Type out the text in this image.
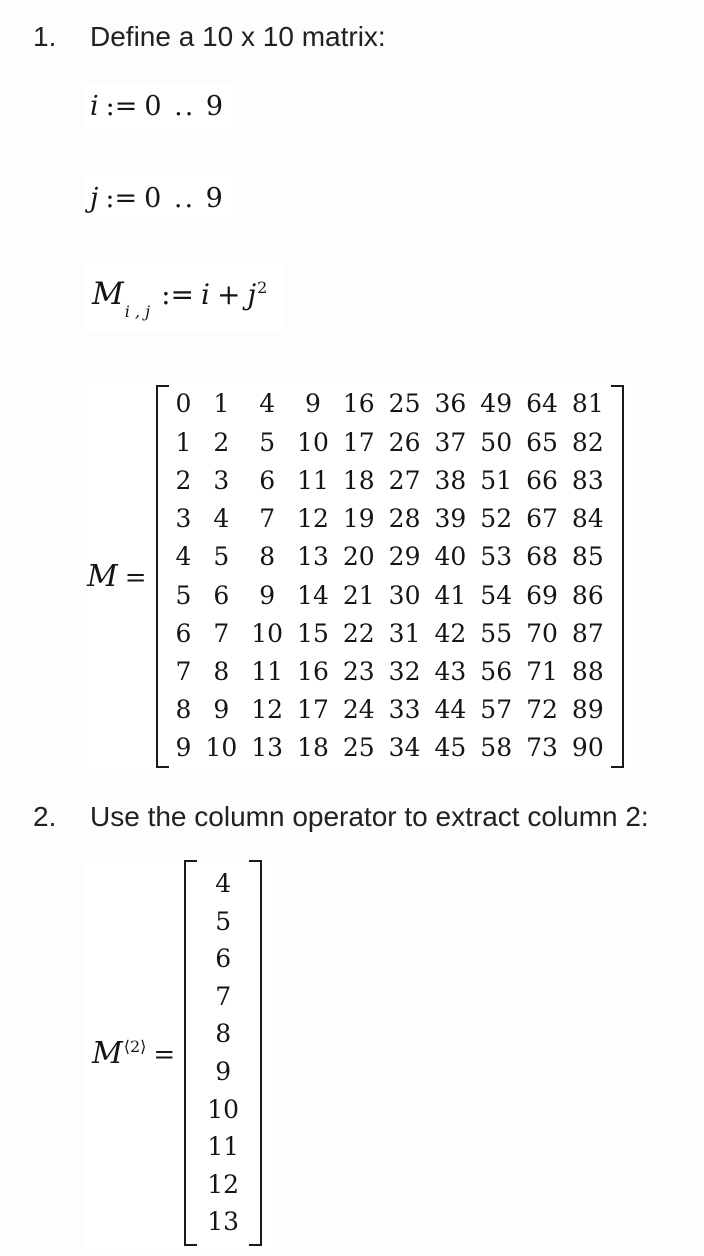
1.	Define a 10 x 10 matrix:
i := 0 .. 9
j := 0 .. 9
Mi , j:= i + j2
M =
0	1	4	9	16	25	36	49	64	81
1	2	5	10	17	26	37	50	65	82
2	3	6	11	18	27	38	51	66	83
3	4	7	12	19	28	39	52	67	84
4	5	8	13	20	29	40	53	68	85
5	6	9	14	21	30	41	54	69	86
6	7	10	15	22	31	42	55	70	87
7	8	11	16	23	32	43	56	71	88
8	9	12	17	24	33	44	57	72	89
9	10	13	18	25	34	45	58	73	90
2.	Use the column operator to extract column 2:
M⟨2⟩ =
4
5
6
7
8
9
10
11
12
13
